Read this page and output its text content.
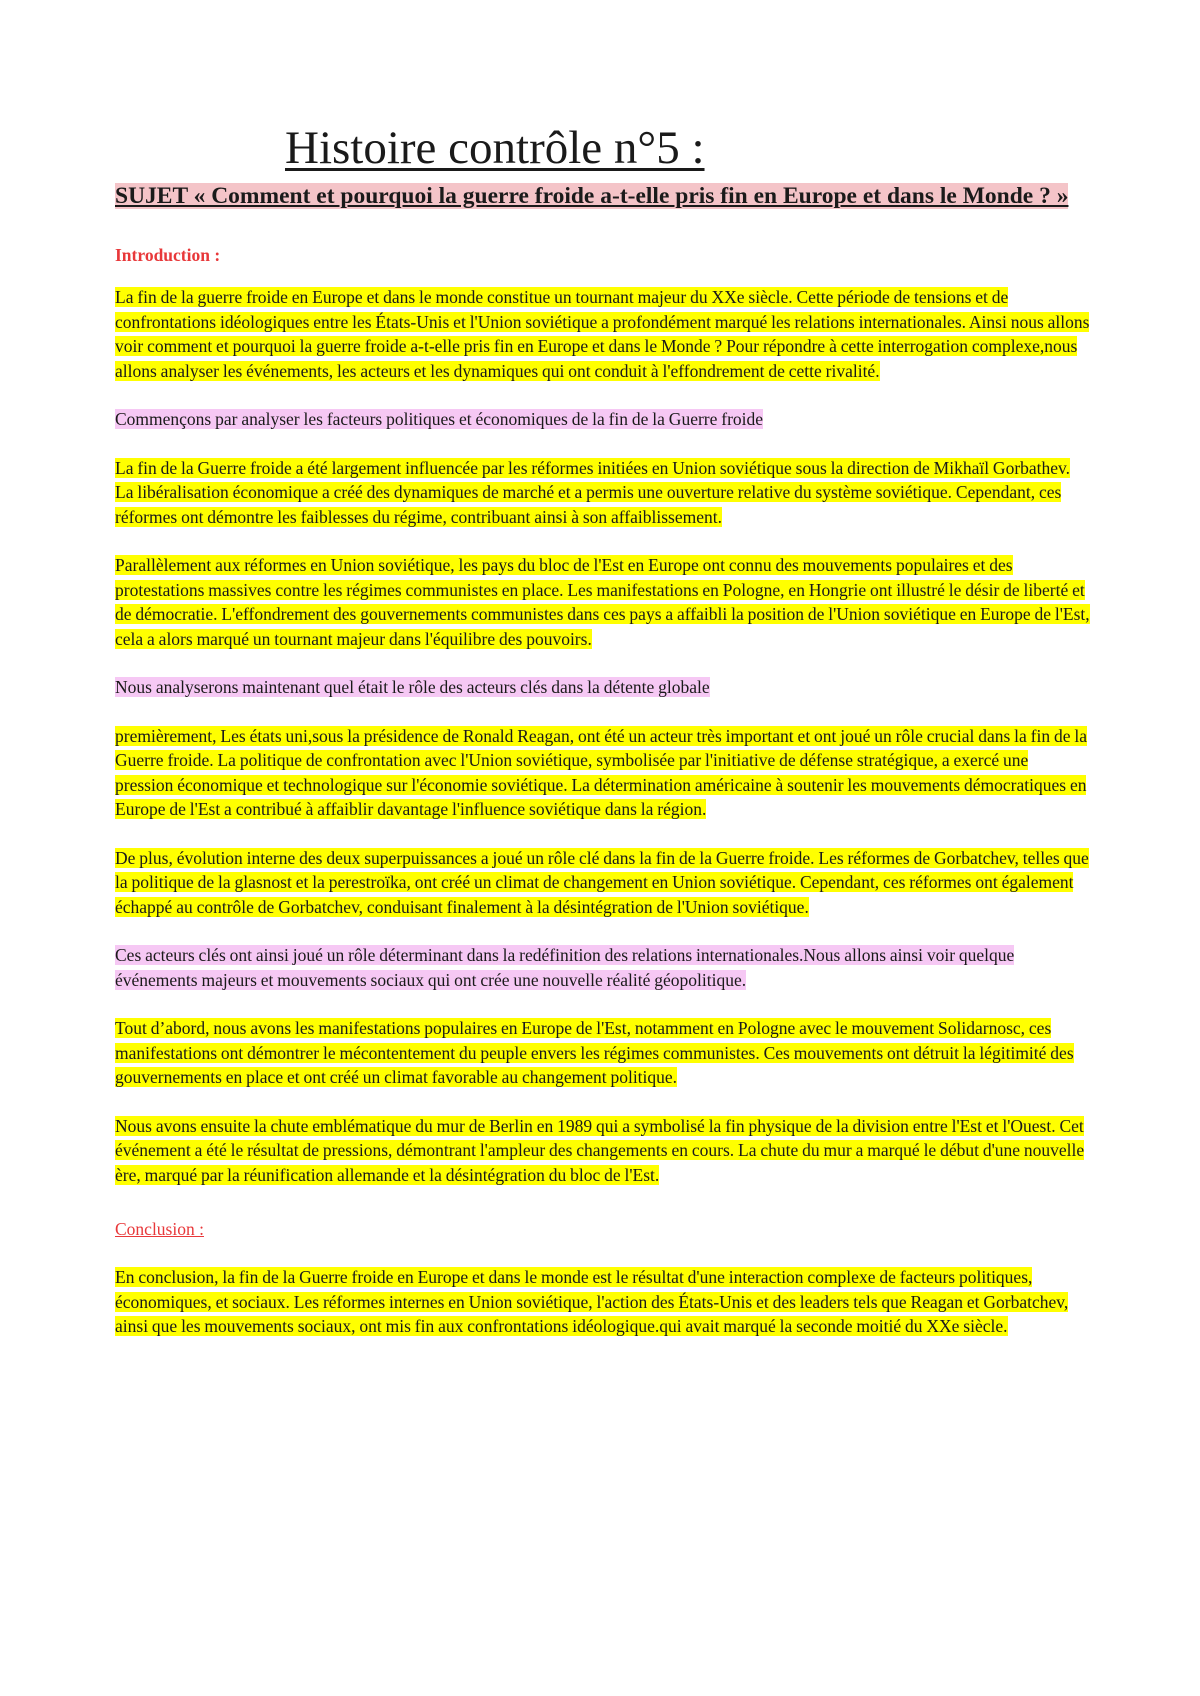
Histoire contrôle n°5 :

SUJET « Comment et pourquoi la guerre froide a-t-elle pris fin en Europe et dans le Monde ? »

Introduction :

La fin de la guerre froide en Europe et dans le monde constitue un tournant majeur du XXe siècle. Cette période de tensions et de confrontations idéologiques entre les États-Unis et l'Union soviétique a profondément marqué les relations internationales. Ainsi nous allons voir comment et pourquoi la guerre froide a-t-elle pris fin en Europe et dans le Monde ? Pour répondre à cette interrogation complexe,nous allons analyser les événements, les acteurs et les dynamiques qui ont conduit à l'effondrement de cette rivalité.

Commençons par analyser les facteurs politiques et économiques de la fin de la Guerre froide

La fin de la Guerre froide a été largement influencée par les réformes initiées en Union soviétique sous la direction de Mikhaïl Gorbathev. La libéralisation économique a créé des dynamiques de marché et a permis une ouverture relative du système soviétique. Cependant, ces réformes ont démontre les faiblesses du régime, contribuant ainsi à son affaiblissement.

Parallèlement aux réformes en Union soviétique, les pays du bloc de l'Est en Europe ont connu des mouvements populaires et des protestations massives contre les régimes communistes en place. Les manifestations en Pologne, en Hongrie ont illustré le désir de liberté et de démocratie. L'effondrement des gouvernements communistes dans ces pays a affaibli la position de l'Union soviétique en Europe de l'Est, cela a alors marqué un tournant majeur dans l'équilibre des pouvoirs.

Nous analyserons maintenant quel était le rôle des acteurs clés dans la détente globale

premièrement, Les états uni,sous la présidence de Ronald Reagan, ont été un acteur très important et ont joué un rôle crucial dans la fin de la Guerre froide. La politique de confrontation avec l'Union soviétique, symbolisée par l'initiative de défense stratégique, a exercé une pression économique et technologique sur l'économie soviétique. La détermination américaine à soutenir les mouvements démocratiques en Europe de l'Est a contribué à affaiblir davantage l'influence soviétique dans la région.

De plus, évolution interne des deux superpuissances a joué un rôle clé dans la fin de la Guerre froide. Les réformes de Gorbatchev, telles que la politique de la glasnost et la perestroïka, ont créé un climat de changement en Union soviétique. Cependant, ces réformes ont également échappé au contrôle de Gorbatchev, conduisant finalement à la désintégration de l'Union soviétique.

Ces acteurs clés ont ainsi joué un rôle déterminant dans la redéfinition des relations internationales.Nous allons ainsi voir quelque événements majeurs et mouvements sociaux qui ont crée une nouvelle réalité géopolitique.

Tout d’abord, nous avons les manifestations populaires en Europe de l'Est, notamment en Pologne avec le mouvement Solidarnosc, ces manifestations ont démontrer le mécontentement du peuple envers les régimes communistes. Ces mouvements ont détruit la légitimité des gouvernements en place et ont créé un climat favorable au changement politique.

Nous avons ensuite la chute emblématique du mur de Berlin en 1989 qui a symbolisé la fin physique de la division entre l'Est et l'Ouest. Cet événement a été le résultat de pressions, démontrant l'ampleur des changements en cours. La chute du mur a marqué le début d'une nouvelle ère, marqué par la réunification allemande et la désintégration du bloc de l'Est.

Conclusion :

En conclusion, la fin de la Guerre froide en Europe et dans le monde est le résultat d'une interaction complexe de facteurs politiques, économiques, et sociaux. Les réformes internes en Union soviétique, l'action des États-Unis et des leaders tels que Reagan et Gorbatchev, ainsi que les mouvements sociaux, ont mis fin aux confrontations idéologique.qui avait marqué la seconde moitié du XXe siècle.
